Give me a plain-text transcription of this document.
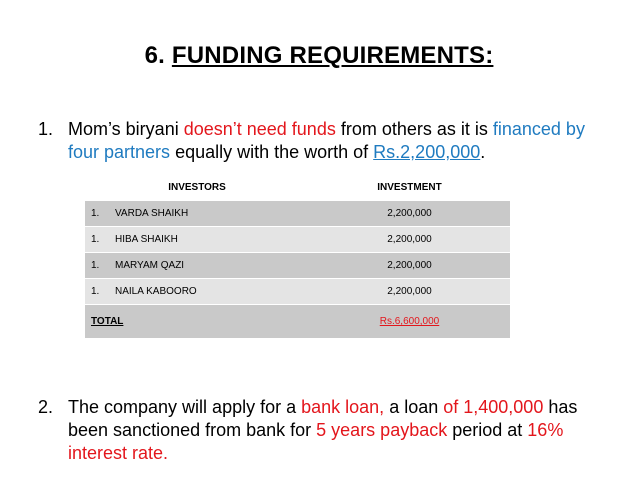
6. FUNDING REQUIREMENTS:
1. Mom’s biryani doesn’t need funds from others as it is financed by four partners equally with the worth of Rs.2,200,000.
INVESTORS	INVESTMENT
1. VARDA SHAIKH	2,200,000
1. HIBA SHAIKH	2,200,000
1. MARYAM QAZI	2,200,000
1. NAILA KABOORO	2,200,000
TOTAL	Rs.6,600,000
2. The company will apply for a bank loan, a loan of 1,400,000 has been sanctioned from bank for 5 years payback period at 16% interest rate.
